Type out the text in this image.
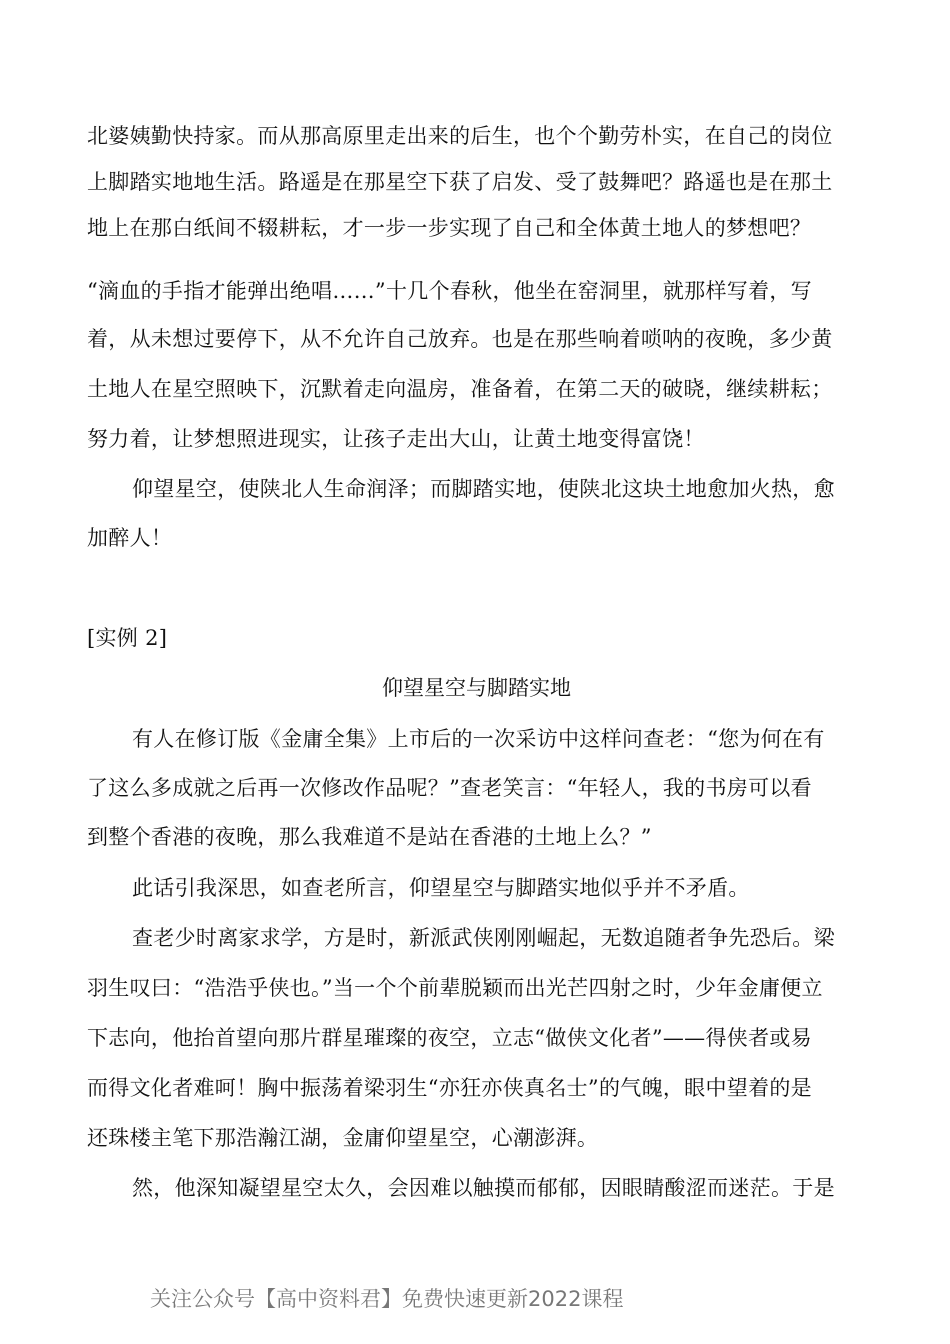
北婆姨勤快持家。而从那高原里走出来的后生，也个个勤劳朴实，在自己的岗位
上脚踏实地地生活。路遥是在那星空下获了启发、受了鼓舞吧？路遥也是在那土
地上在那白纸间不辍耕耘，才一步一步实现了自己和全体黄土地人的梦想吧？
“滴血的手指才能弹出绝唱……”十几个春秋，他坐在窑洞里，就那样写着，写
着，从未想过要停下，从不允许自己放弃。也是在那些响着唢呐的夜晚，多少黄
土地人在星空照映下，沉默着走向温房，准备着，在第二天的破晓，继续耕耘；
努力着，让梦想照进现实，让孩子走出大山，让黄土地变得富饶！
仰望星空，使陕北人生命润泽；而脚踏实地，使陕北这块土地愈加火热，愈
加醉人！
[实例 2]
仰望星空与脚踏实地
有人在修订版《金庸全集》上市后的一次采访中这样问查老：“您为何在有
了这么多成就之后再一次修改作品呢？”查老笑言：“年轻人，我的书房可以看
到整个香港的夜晚，那么我难道不是站在香港的土地上么？”
此话引我深思，如查老所言，仰望星空与脚踏实地似乎并不矛盾。
查老少时离家求学，方是时，新派武侠刚刚崛起，无数追随者争先恐后。梁
羽生叹曰：“浩浩乎侠也。”当一个个前辈脱颖而出光芒四射之时，少年金庸便立
下志向，他抬首望向那片群星璀璨的夜空，立志“做侠文化者”——得侠者或易
而得文化者难呵！胸中振荡着梁羽生“亦狂亦侠真名士”的气魄，眼中望着的是
还珠楼主笔下那浩瀚江湖，金庸仰望星空，心潮澎湃。
然，他深知凝望星空太久，会因难以触摸而郁郁，因眼睛酸涩而迷茫。于是
关注公众号【高中资料君】免费快速更新2022课程
